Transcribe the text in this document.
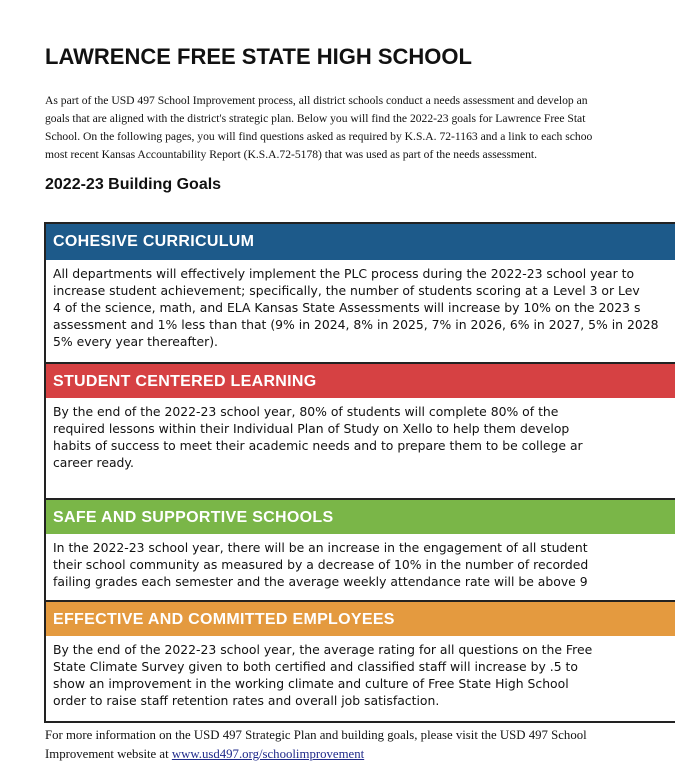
LAWRENCE FREE STATE HIGH SCHOOL

As part of the USD 497 School Improvement process, all district schools conduct a needs assessment and develop an
goals that are aligned with the district's strategic plan. Below you will find the 2022-23 goals for Lawrence Free Stat
School. On the following pages, you will find questions asked as required by K.S.A. 72-1163 and a link to each schoo
most recent Kansas Accountability Report (K.S.A.72-5178) that was used as part of the needs assessment.

2022-23 Building Goals
COHESIVE CURRICULUM
All departments will effectively implement the PLC process during the 2022-23 school year to
increase student achievement; specifically, the number of students scoring at a Level 3 or Lev
4 of the science, math, and ELA Kansas State Assessments will increase by 10% on the 2023 s
assessment and 1% less than that (9% in 2024, 8% in 2025, 7% in 2026, 6% in 2027, 5% in 2028
5% every year thereafter).
STUDENT CENTERED LEARNING
By the end of the 2022-23 school year, 80% of students will complete 80% of the
required lessons within their Individual Plan of Study on Xello to help them develop
habits of success to meet their academic needs and to prepare them to be college ar
career ready.
SAFE AND SUPPORTIVE SCHOOLS
In the 2022-23 school year, there will be an increase in the engagement of all student
their school community as measured by a decrease of 10% in the number of recorded
failing grades each semester and the average weekly attendance rate will be above 9
EFFECTIVE AND COMMITTED EMPLOYEES
By the end of the 2022-23 school year, the average rating for all questions on the Free
State Climate Survey given to both certified and classified staff will increase by .5 to
show an improvement in the working climate and culture of Free State High School
order to raise staff retention rates and overall job satisfaction.

For more information on the USD 497 Strategic Plan and building goals, please visit the USD 497 School
Improvement website at www.usd497.org/schoolimprovement
